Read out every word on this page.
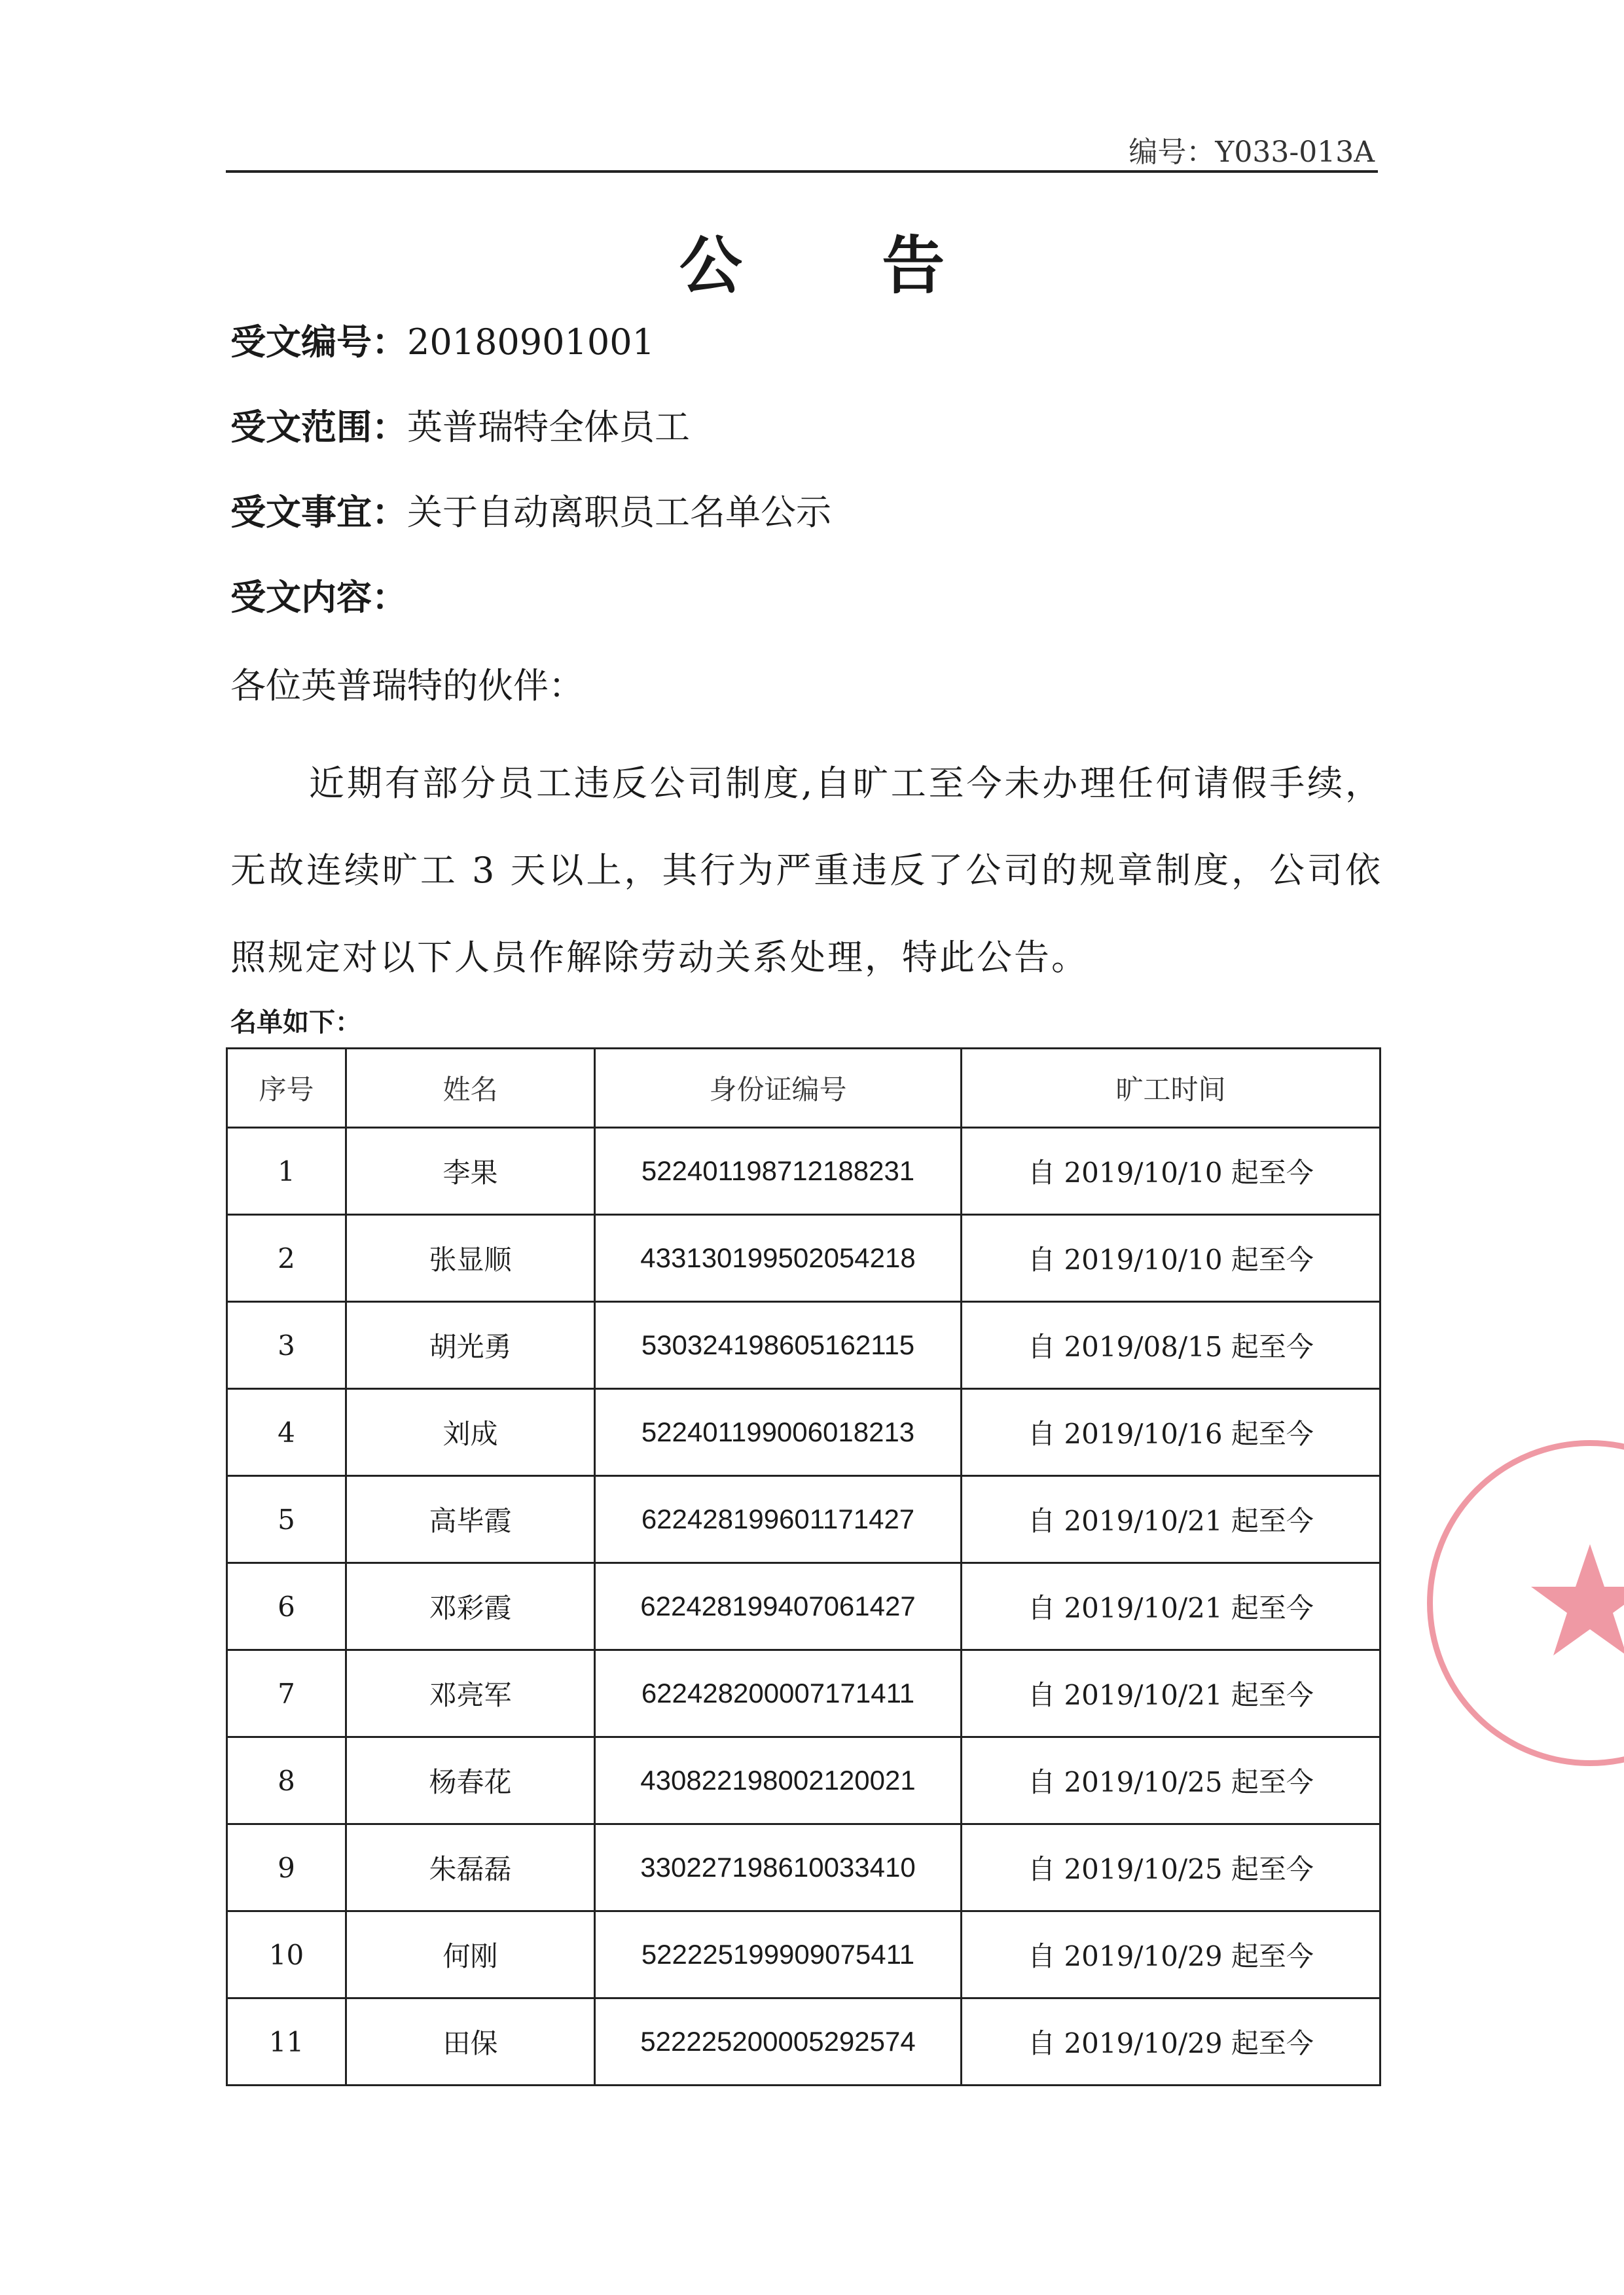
编号：Y033-013A
公 告
受文编号：20180901001
受文范围：英普瑞特全体员工
受文事宜：关于自动离职员工名单公示
受文内容：
各位英普瑞特的伙伴：
近期有部分员工违反公司制度,自旷工至今未办理任何请假手续，无故连续旷工 3 天以上，其行为严重违反了公司的规章制度，公司依照规定对以下人员作解除劳动关系处理，特此公告。
名单如下：
序号	姓名	身份证编号	旷工时间
1	李果	522401198712188231	自 2019/10/10 起至今
2	张显顺	433130199502054218	自 2019/10/10 起至今
3	胡光勇	530324198605162115	自 2019/08/15 起至今
4	刘成	522401199006018213	自 2019/10/16 起至今
5	高毕霞	622428199601171427	自 2019/10/21 起至今
6	邓彩霞	622428199407061427	自 2019/10/21 起至今
7	邓亮军	622428200007171411	自 2019/10/21 起至今
8	杨春花	430822198002120021	自 2019/10/25 起至今
9	朱磊磊	330227198610033410	自 2019/10/25 起至今
10	何刚	522225199909075411	自 2019/10/29 起至今
11	田保	522225200005292574	自 2019/10/29 起至今
